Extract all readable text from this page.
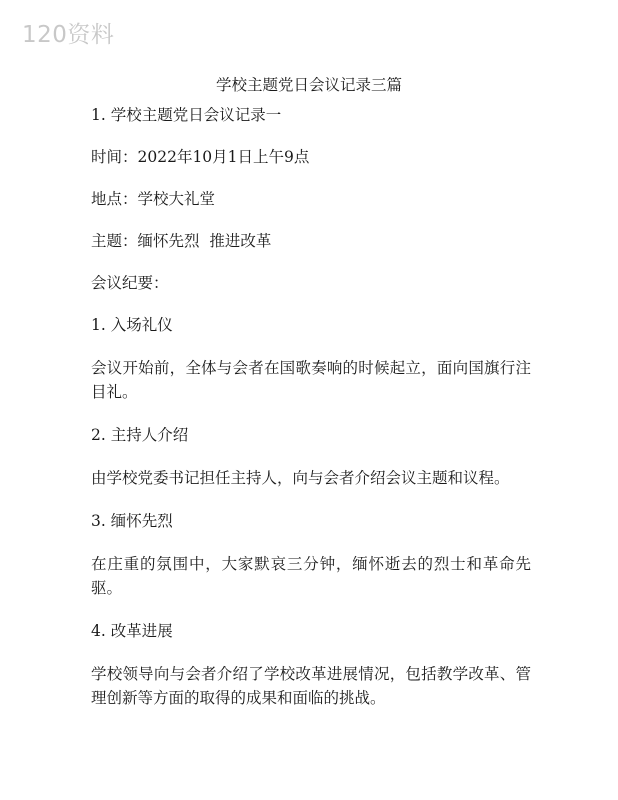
120资料
学校主题党日会议记录三篇
1. 学校主题党日会议记录一
时间：2022年10月1日上午9点
地点：学校大礼堂
主题：缅怀先烈  推进改革
会议纪要：
1. 入场礼仪
会议开始前，全体与会者在国歌奏响的时候起立，面向国旗行注目礼。
2. 主持人介绍
由学校党委书记担任主持人，向与会者介绍会议主题和议程。
3. 缅怀先烈
在庄重的氛围中，大家默哀三分钟，缅怀逝去的烈士和革命先驱。
4. 改革进展
学校领导向与会者介绍了学校改革进展情况，包括教学改革、管理创新等方面的取得的成果和面临的挑战。
